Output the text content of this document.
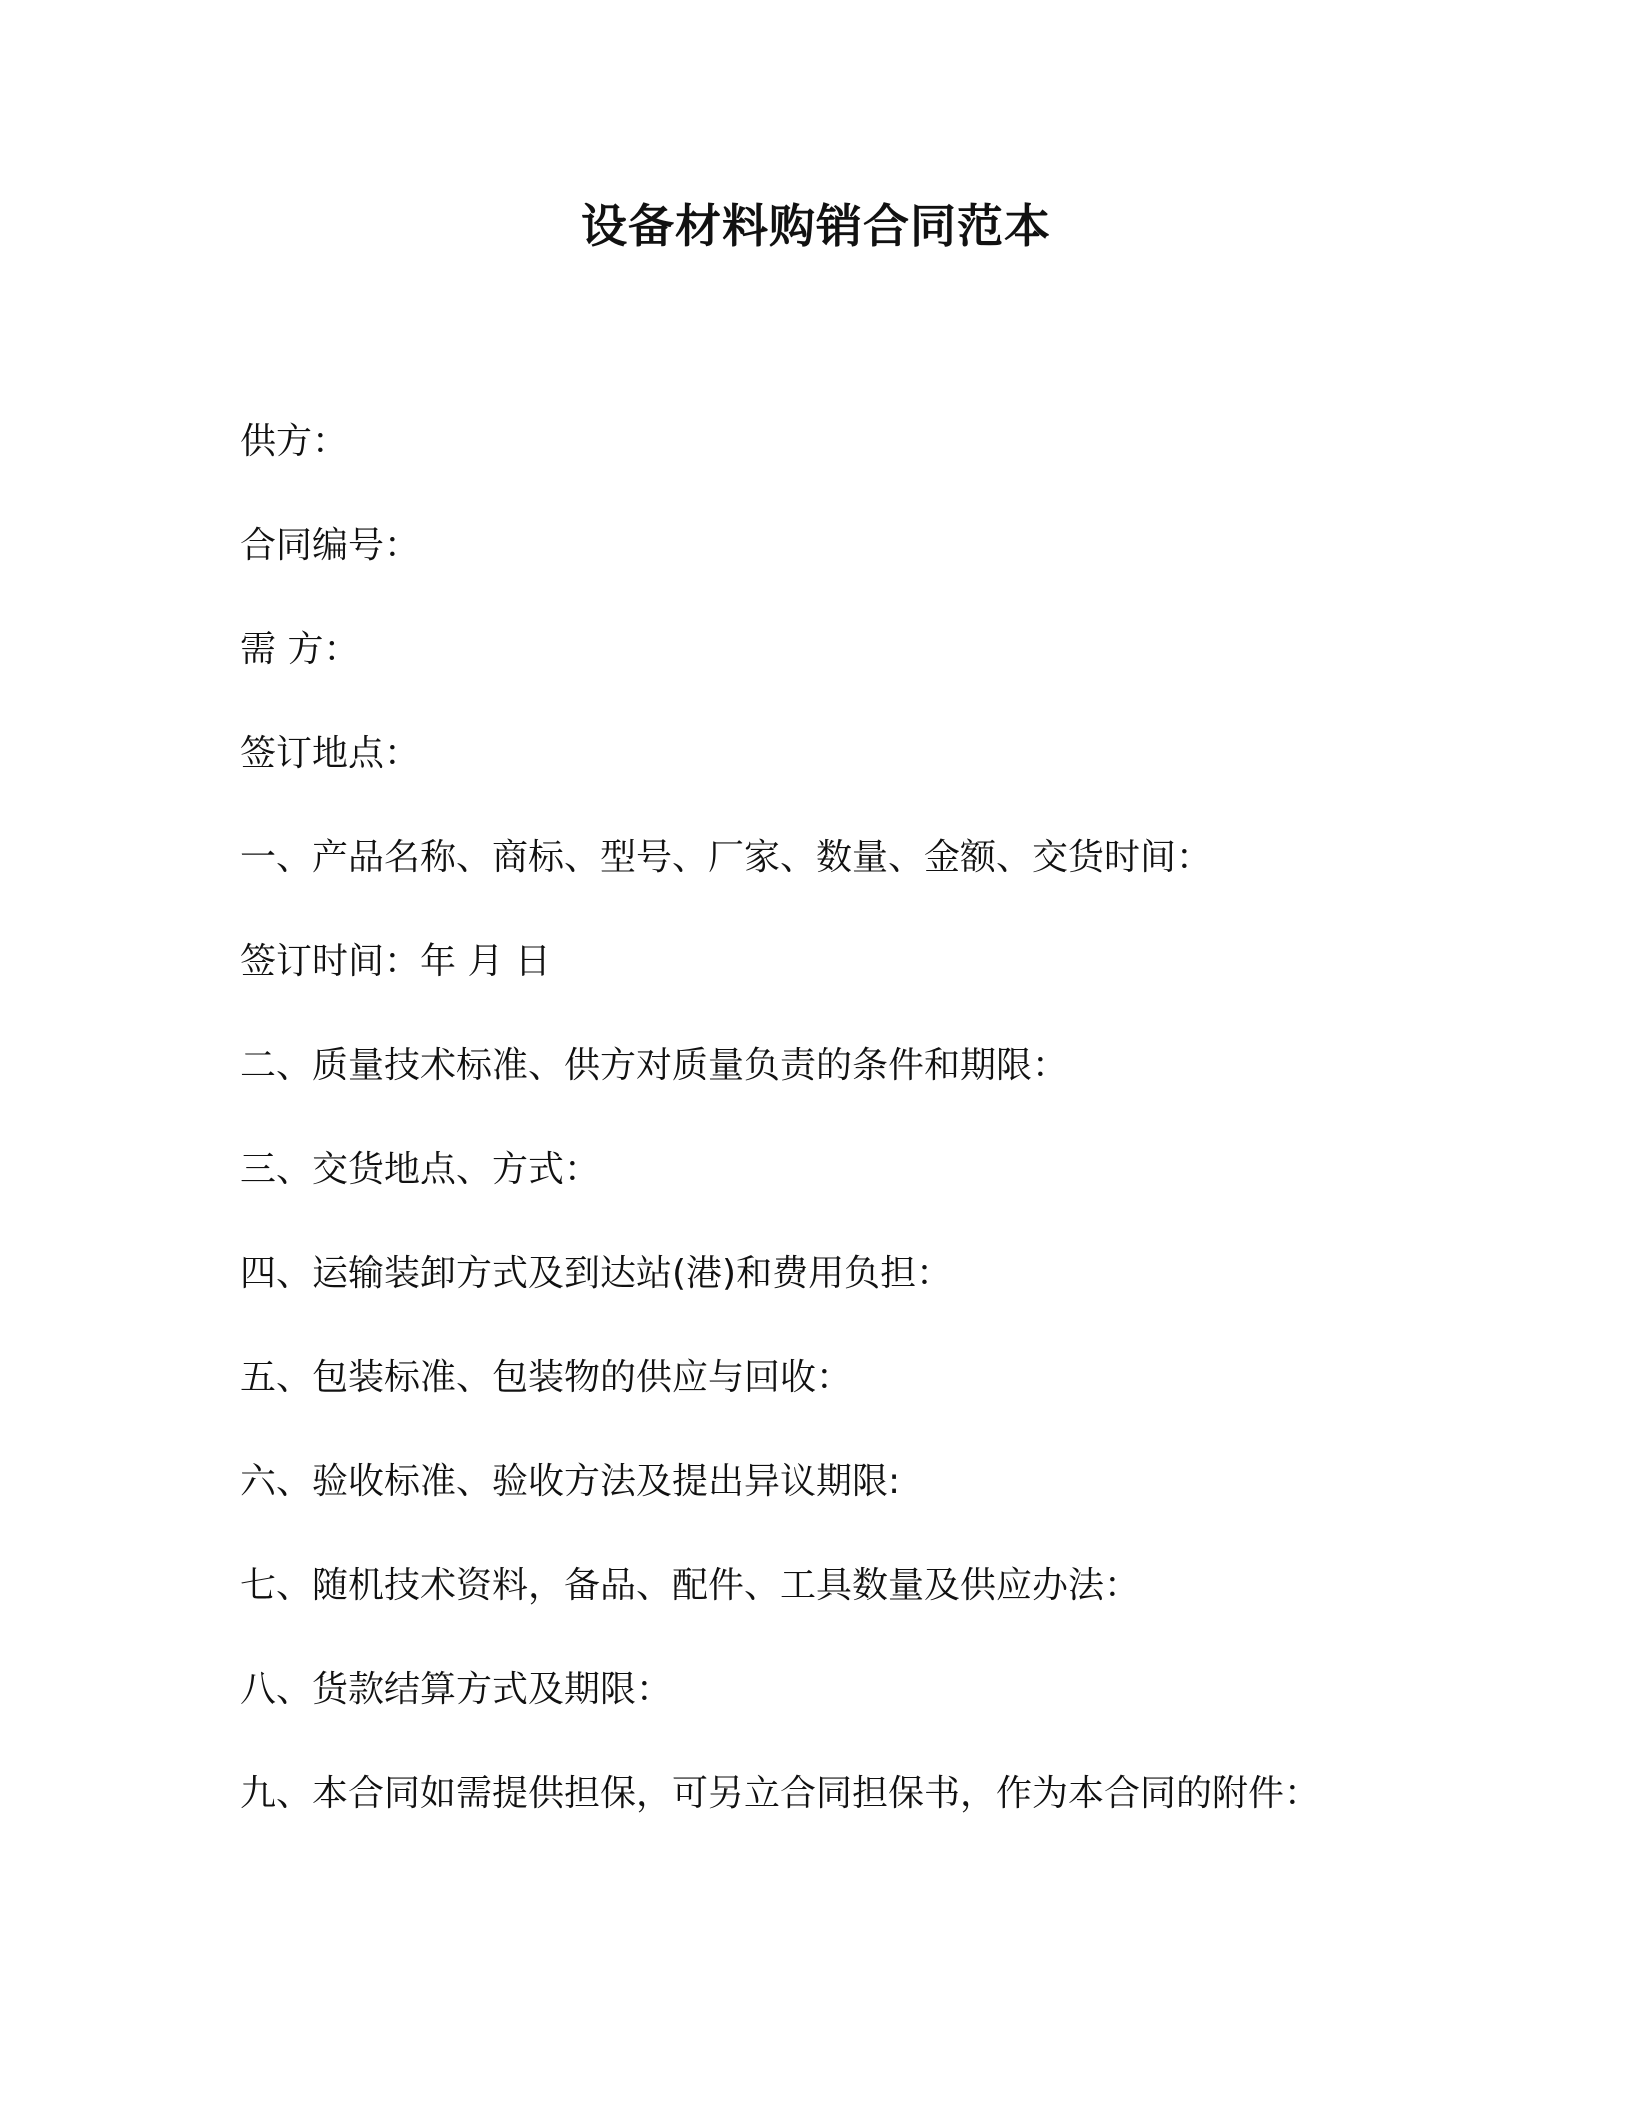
设备材料购销合同范本
供方：
合同编号：
需 方：
签订地点：
一、产品名称、商标、型号、厂家、数量、金额、交货时间：
签订时间：年 月 日
二、质量技术标准、供方对质量负责的条件和期限：
三、交货地点、方式：
四、运输装卸方式及到达站(港)和费用负担：
五、包装标准、包装物的供应与回收：
六、验收标准、验收方法及提出异议期限:
七、随机技术资料，备品、配件、工具数量及供应办法：
八、货款结算方式及期限：
九、本合同如需提供担保，可另立合同担保书，作为本合同的附件：
